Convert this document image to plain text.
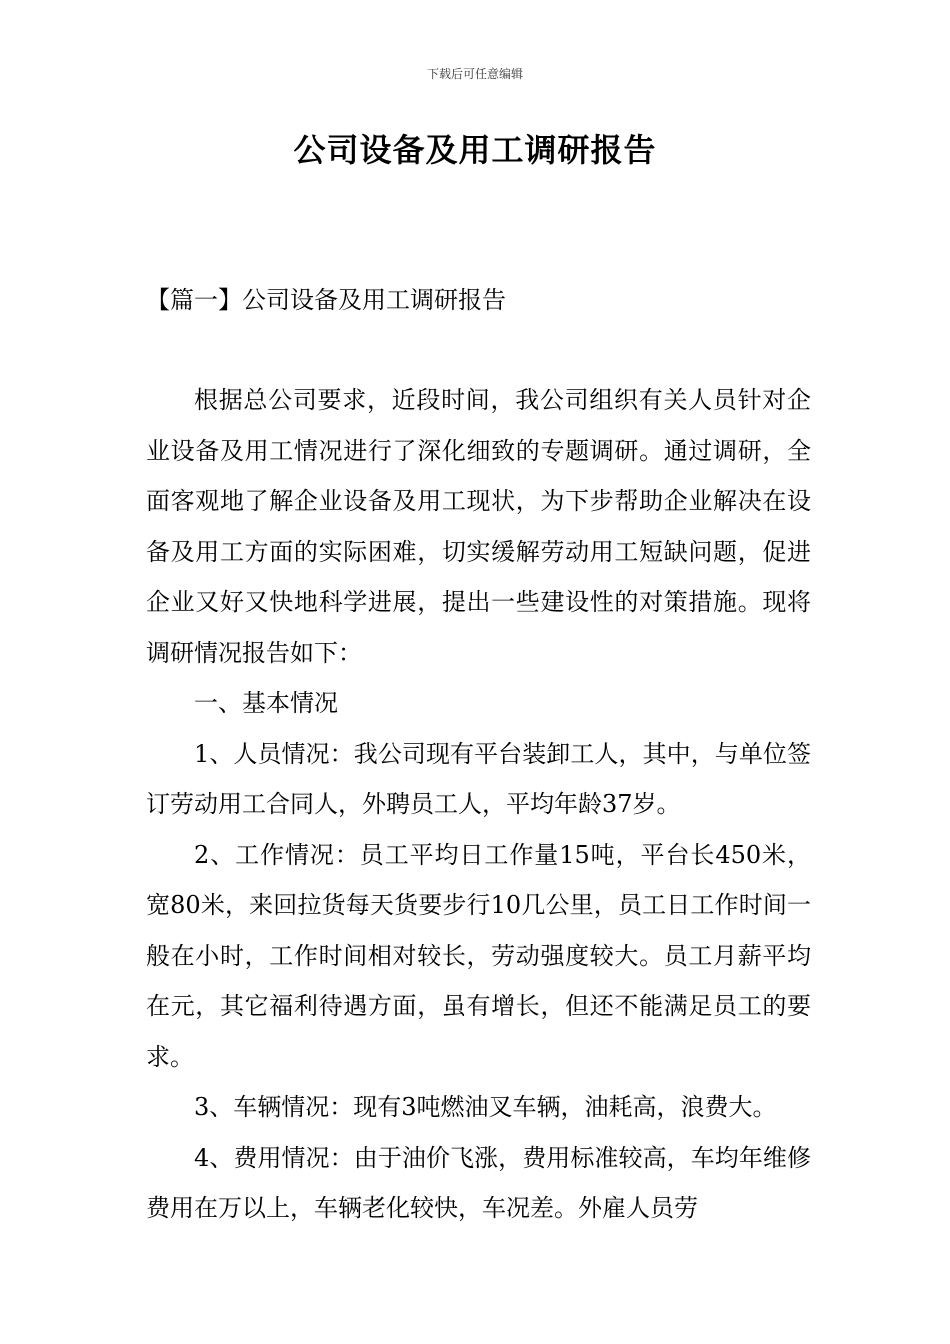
下载后可任意编辑
公司设备及用工调研报告
【篇一】公司设备及用工调研报告

根据总公司要求，近段时间，我公司组织有关人员针对企业设备及用工情况进行了深化细致的专题调研。通过调研，全面客观地了解企业设备及用工现状，为下步帮助企业解决在设备及用工方面的实际困难，切实缓解劳动用工短缺问题，促进企业又好又快地科学进展，提出一些建设性的对策措施。现将调研情况报告如下：

一、基本情况

1、人员情况：我公司现有平台装卸工人，其中，与单位签订劳动用工合同人，外聘员工人，平均年龄37岁。

2、工作情况：员工平均日工作量15吨，平台长450米，宽80米，来回拉货每天货要步行10几公里，员工日工作时间一般在小时，工作时间相对较长，劳动强度较大。员工月薪平均在元，其它福利待遇方面，虽有增长，但还不能满足员工的要求。

3、车辆情况：现有3吨燃油叉车辆，油耗高，浪费大。

4、费用情况：由于油价飞涨，费用标准较高，车均年维修费用在万以上，车辆老化较快，车况差。外雇人员劳
